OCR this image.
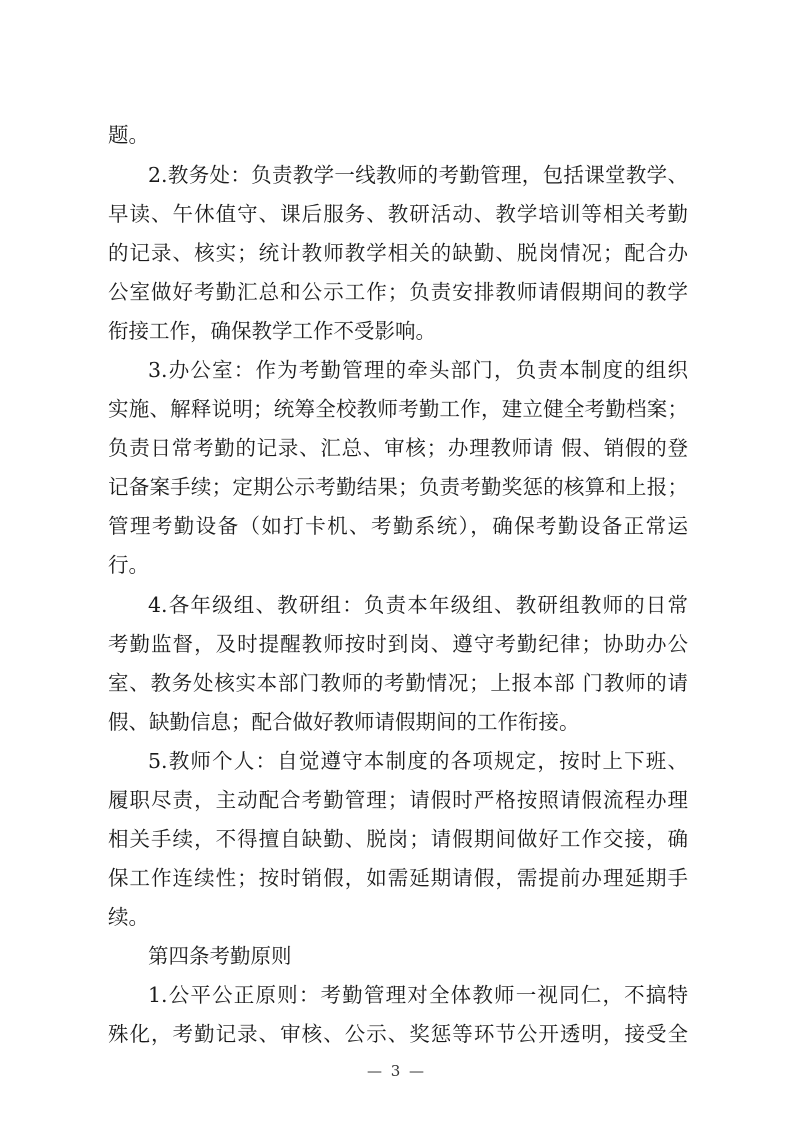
题。
2.教务处：负责教学一线教师的考勤管理，包括课堂教学、
早读、午休值守、课后服务、教研活动、教学培训等相关考勤
的记录、核实；统计教师教学相关的缺勤、脱岗情况；配合办
公室做好考勤汇总和公示工作；负责安排教师请假期间的教学
衔接工作，确保教学工作不受影响。
3.办公室：作为考勤管理的牵头部门，负责本制度的组织
实施、解释说明；统筹全校教师考勤工作，建立健全考勤档案；
负责日常考勤的记录、汇总、审核；办理教师请 假、销假的登
记备案手续；定期公示考勤结果；负责考勤奖惩的核算和上报；
管理考勤设备（如打卡机、考勤系统），确保考勤设备正常运
行。
4.各年级组、教研组：负责本年级组、教研组教师的日常
考勤监督，及时提醒教师按时到岗、遵守考勤纪律；协助办公
室、教务处核实本部门教师的考勤情况；上报本部 门教师的请
假、缺勤信息；配合做好教师请假期间的工作衔接。
5.教师个人：自觉遵守本制度的各项规定，按时上下班、
履职尽责，主动配合考勤管理；请假时严格按照请假流程办理
相关手续，不得擅自缺勤、脱岗；请假期间做好工作交接，确
保工作连续性；按时销假，如需延期请假，需提前办理延期手
续。
第四条考勤原则
1.公平公正原则：考勤管理对全体教师一视同仁，不搞特
殊化，考勤记录、审核、公示、奖惩等环节公开透明，接受全
— 3 —
